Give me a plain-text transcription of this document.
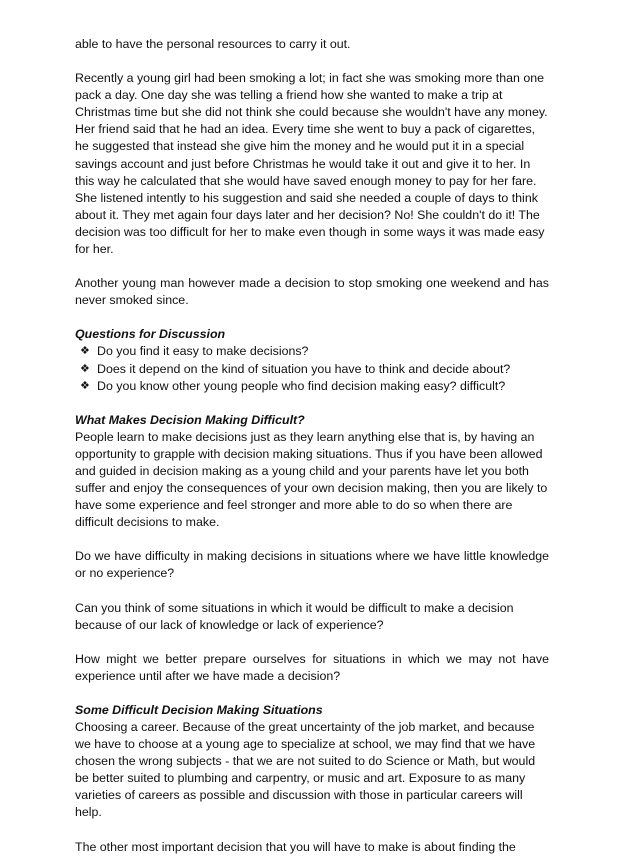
able to have the personal resources to carry it out.

Recently a young girl had been smoking a lot; in fact she was smoking more than one pack a day. One day she was telling a friend how she wanted to make a trip at Christmas time but she did not think she could because she wouldn't have any money. Her friend said that he had an idea. Every time she went to buy a pack of cigarettes, he suggested that instead she give him the money and he would put it in a special savings account and just before Christmas he would take it out and give it to her. In this way he calculated that she would have saved enough money to pay for her fare. She listened intently to his suggestion and said she needed a couple of days to think about it. They met again four days later and her decision? No! She couldn't do it! The decision was too difficult for her to make even though in some ways it was made easy for her.

Another young man however made a decision to stop smoking one weekend and has never smoked since.

Questions for Discussion
❖ Do you find it easy to make decisions?
❖ Does it depend on the kind of situation you have to think and decide about?
❖ Do you know other young people who find decision making easy? difficult?
What Makes Decision Making Difficult?

People learn to make decisions just as they learn anything else that is, by having an opportunity to grapple with decision making situations. Thus if you have been allowed and guided in decision making as a young child and your parents have let you both suffer and enjoy the consequences of your own decision making, then you are likely to have some experience and feel stronger and more able to do so when there are difficult decisions to make.

Do we have difficulty in making decisions in situations where we have little knowledge or no experience?

Can you think of some situations in which it would be difficult to make a decision because of our lack of knowledge or lack of experience?

How might we better prepare ourselves for situations in which we may not have experience until after we have made a decision?

Some Difficult Decision Making Situations

Choosing a career. Because of the great uncertainty of the job market, and because we have to choose at a young age to specialize at school, we may find that we have chosen the wrong subjects - that we are not suited to do Science or Math, but would be better suited to plumbing and carpentry, or music and art. Exposure to as many varieties of careers as possible and discussion with those in particular careers will help.

The other most important decision that you will have to make is about finding the
